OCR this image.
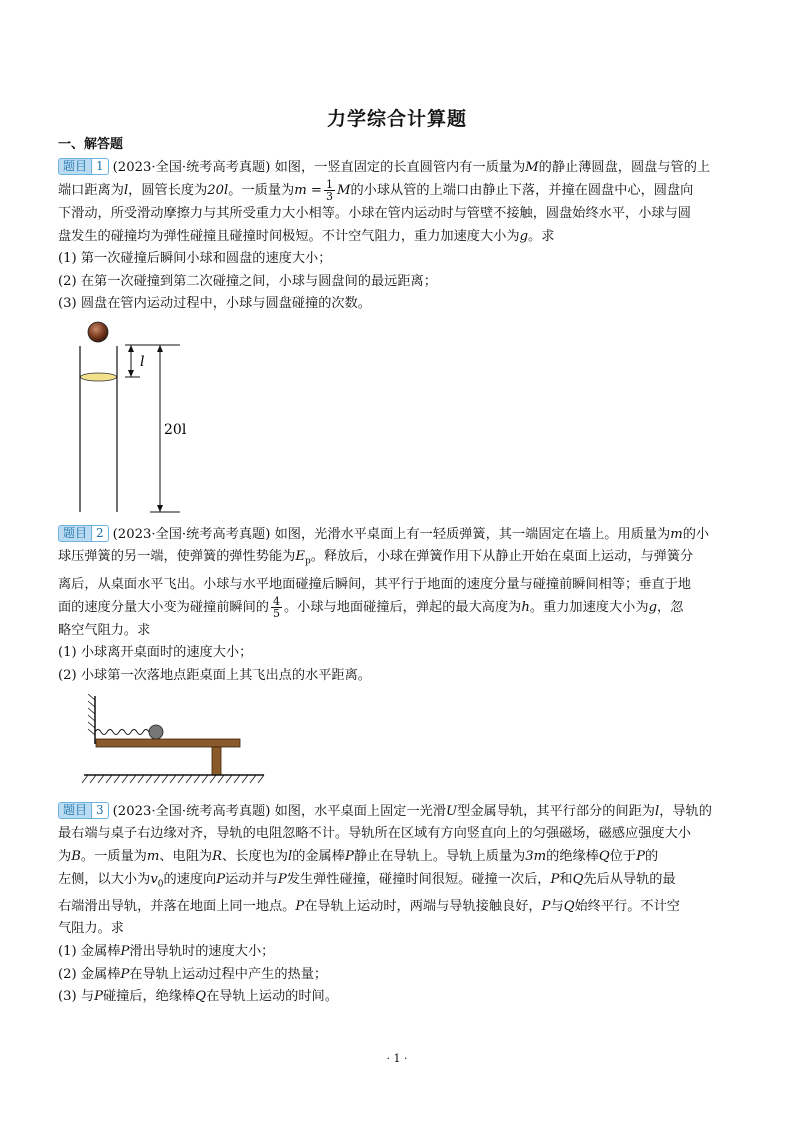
力学综合计算题
一、解答题

题目 1 (2023·全国·统考高考真题) 如图，一竖直固定的长直圆管内有一质量为M的静止薄圆盘，圆盘与管的上

端口距离为l，圆管长度为20l。一质量为$m = \frac{1}{3}$ M的小球从管的上端口由静止下落，并撞在圆盘中心，圆盘向

下滑动，所受滑动摩擦力与其所受重力大小相等。小球在管内运动时与管壁不接触，圆盘始终水平，小球与圆

盘发生的碰撞均为弹性碰撞且碰撞时间极短。不计空气阻力，重力加速度大小为g。求

(1) 第一次碰撞后瞬间小球和圆盘的速度大小；

(2) 在第一次碰撞到第二次碰撞之间，小球与圆盘间的最远距离；

(3) 圆盘在管内运动过程中，小球与圆盘碰撞的次数。

l
20l

题目 2 (2023·全国·统考高考真题) 如图，光滑水平桌面上有一轻质弹簧，其一端固定在墙上。用质量为m的小

球压弹簧的另一端，使弹簧的弹性势能为$E_p$。释放后，小球在弹簧作用下从静止开始在桌面上运动，与弹簧分

离后，从桌面水平飞出。小球与水平地面碰撞后瞬间，其平行于地面的速度分量与碰撞前瞬间相等；垂直于地

面的速度分量大小变为碰撞前瞬间的 $\frac{4}{5}$ 。小球与地面碰撞后，弹起的最大高度为h。重力加速度大小为g，忽

略空气阻力。求

(1) 小球离开桌面时的速度大小；

(2) 小球第一次落地点距桌面上其飞出点的水平距离。

题目 3 (2023·全国·统考高考真题) 如图，水平桌面上固定一光滑U型金属导轨，其平行部分的间距为l，导轨的

最右端与桌子右边缘对齐，导轨的电阻忽略不计。导轨所在区域有方向竖直向上的匀强磁场，磁感应强度大小

为B。一质量为m、电阻为R、长度也为l的金属棒P静止在导轨上。导轨上质量为3m的绝缘棒Q位于P的

左侧，以大小为$v_0$的速度向P运动并与P发生弹性碰撞，碰撞时间很短。碰撞一次后，P和Q先后从导轨的最

右端滑出导轨，并落在地面上同一地点。P在导轨上运动时，两端与导轨接触良好，P与Q始终平行。不计空

气阻力。求

(1) 金属棒P滑出导轨时的速度大小；

(2) 金属棒P在导轨上运动过程中产生的热量；

(3) 与P碰撞后，绝缘棒Q在导轨上运动的时间。

· 1 ·
